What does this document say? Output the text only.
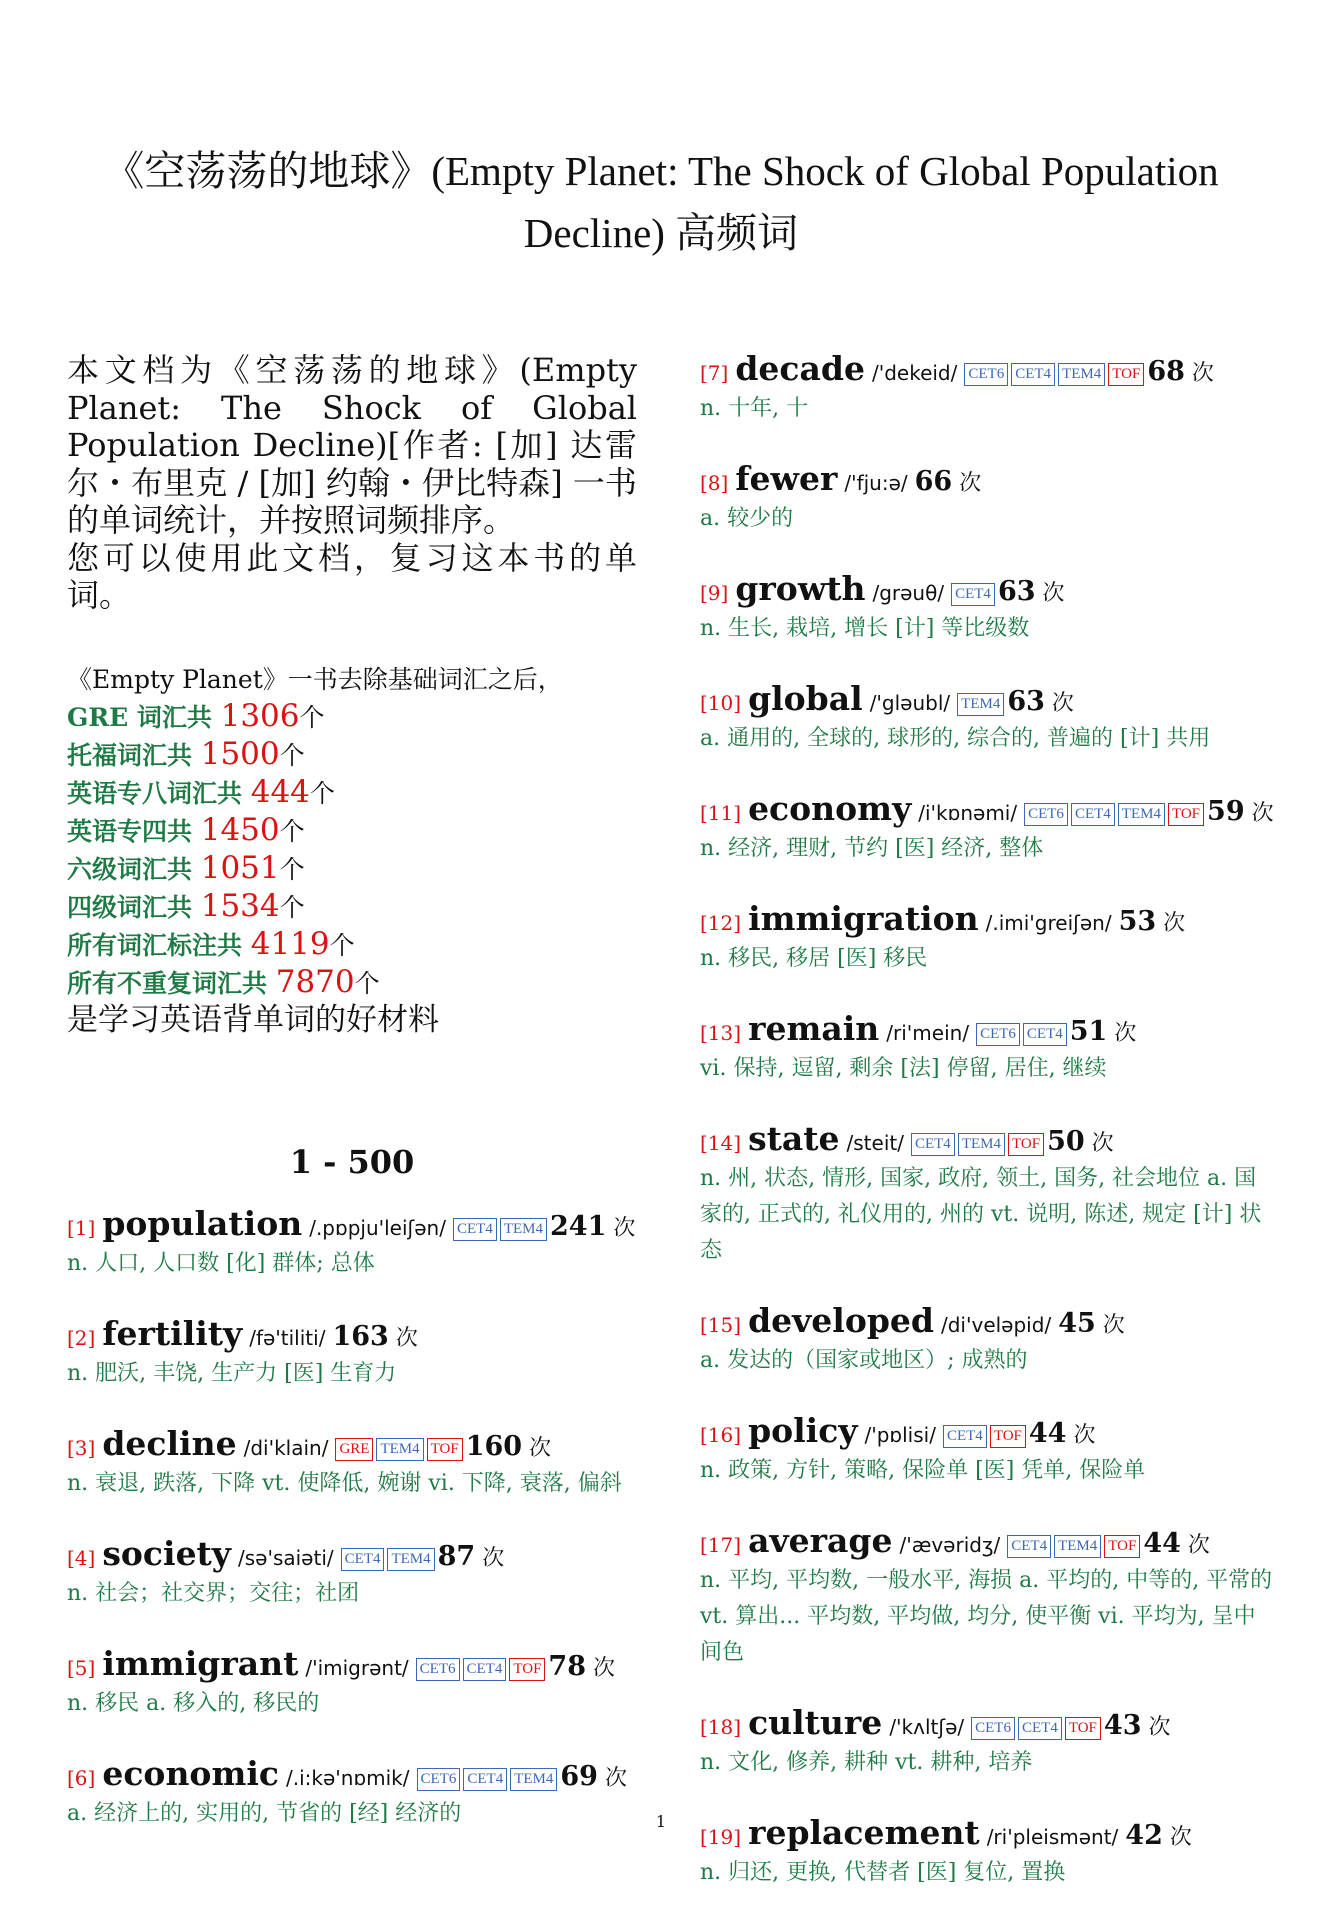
《空荡荡的地球》(Empty Planet: The Shock of Global Population Decline) 高频词
本文档为《空荡荡的地球》(Empty Planet: The Shock of Global Population Decline)[作者: [加] 达雷尔・布里克 / [加] 约翰・伊比特森] 一书的单词统计，并按照词频排序。
您可以使用此文档，复习这本书的单词。
《Empty Planet》一书去除基础词汇之后，
GRE 词汇共 1306个
托福词汇共 1500个
英语专八词汇共 444个
英语专四共 1450个
六级词汇共 1051个
四级词汇共 1534个
所有词汇标注共 4119个
所有不重复词汇共 7870个
是学习英语背单词的好材料
1 - 500
[1] population /.pɒpju'leiʃən/ CET4 TEM4 241 次
n. 人口, 人口数 [化] 群体; 总体
[2] fertility /fə'tiliti/ 163 次
n. 肥沃, 丰饶, 生产力 [医] 生育力
[3] decline /di'klain/ GRE TEM4 TOF 160 次
n. 衰退, 跌落, 下降 vt. 使降低, 婉谢 vi. 下降, 衰落, 偏斜
[4] society /sə'saiəti/ CET4 TEM4 87 次
n. 社会；社交界；交往；社团
[5] immigrant /'imigrənt/ CET6 CET4 TOF 78 次
n. 移民 a. 移入的, 移民的
[6] economic /.i:kə'nɒmik/ CET6 CET4 TEM4 69 次
a. 经济上的, 实用的, 节省的 [经] 经济的
[7] decade /'dekeid/ CET6 CET4 TEM4 TOF 68 次
n. 十年, 十
[8] fewer /'fju:ə/ 66 次
a. 较少的
[9] growth /grəuθ/ CET4 63 次
n. 生长, 栽培, 增长 [计] 等比级数
[10] global /'gləubl/ TEM4 63 次
a. 通用的, 全球的, 球形的, 综合的, 普遍的 [计] 共用
[11] economy /i'kɒnəmi/ CET6 CET4 TEM4 TOF 59 次
n. 经济, 理财, 节约 [医] 经济, 整体
[12] immigration /.imi'greiʃən/ 53 次
n. 移民, 移居 [医] 移民
[13] remain /ri'mein/ CET6 CET4 51 次
vi. 保持, 逗留, 剩余 [法] 停留, 居住, 继续
[14] state /steit/ CET4 TEM4 TOF 50 次
n. 州, 状态, 情形, 国家, 政府, 领土, 国务, 社会地位 a. 国家的, 正式的, 礼仪用的, 州的 vt. 说明, 陈述, 规定 [计] 状态
[15] developed /di'veləpid/ 45 次
a. 发达的（国家或地区）; 成熟的
[16] policy /'pɒlisi/ CET4 TOF 44 次
n. 政策, 方针, 策略, 保险单 [医] 凭单, 保险单
[17] average /'ævəridʒ/ CET4 TEM4 TOF 44 次
n. 平均, 平均数, 一般水平, 海损 a. 平均的, 中等的, 平常的 vt. 算出... 平均数, 平均做, 均分, 使平衡 vi. 平均为, 呈中间色
[18] culture /'kʌltʃə/ CET6 CET4 TOF 43 次
n. 文化, 修养, 耕种 vt. 耕种, 培养
[19] replacement /ri'pleismənt/ 42 次
n. 归还, 更换, 代替者 [医] 复位, 置换
1
